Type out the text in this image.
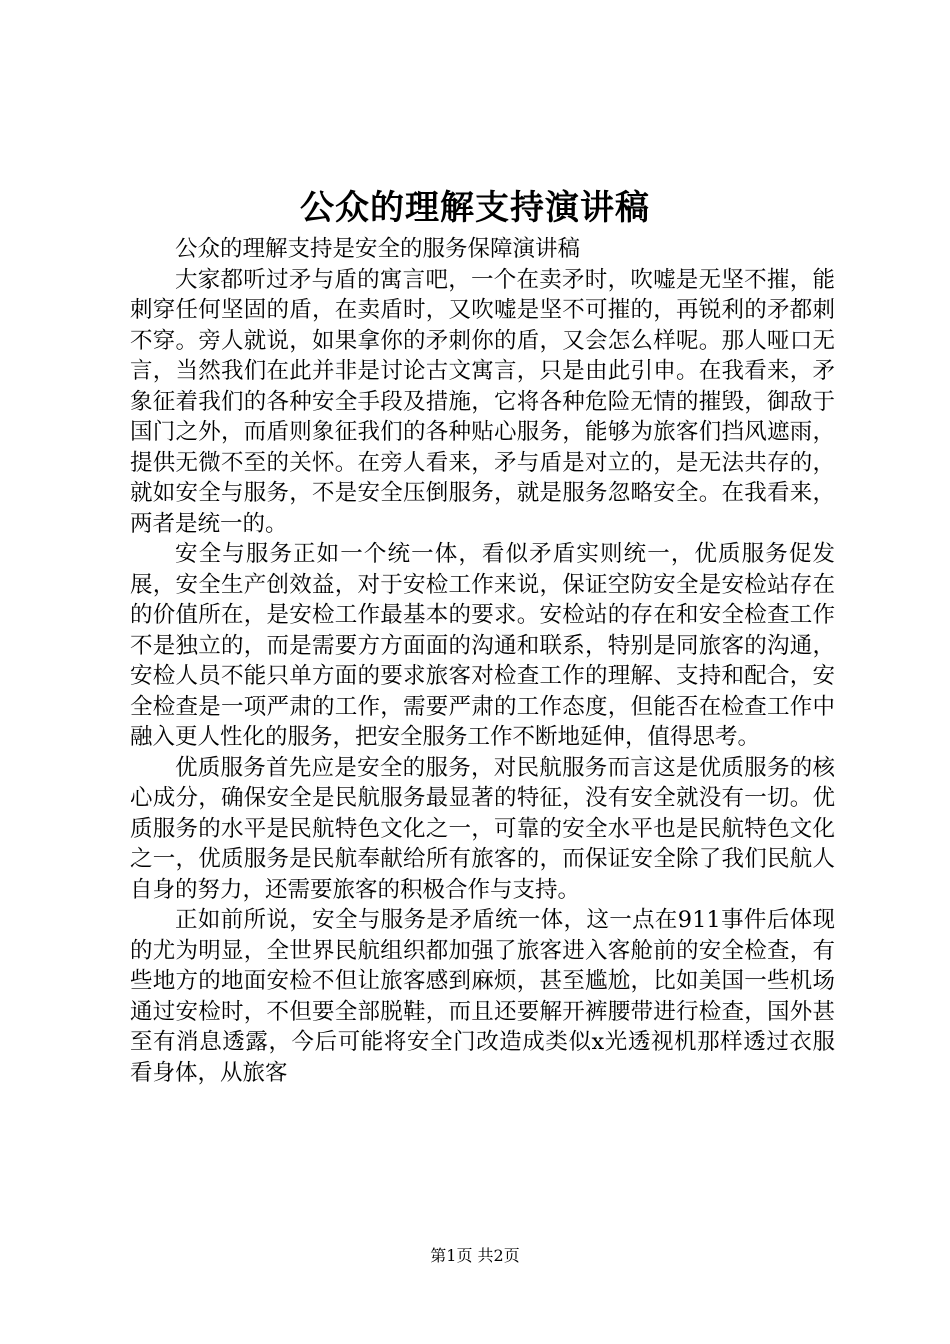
公众的理解支持演讲稿

公众的理解支持是安全的服务保障演讲稿

大家都听过矛与盾的寓言吧，一个在卖矛时，吹嘘是无坚不摧，能刺穿任何坚固的盾，在卖盾时，又吹嘘是坚不可摧的，再锐利的矛都刺不穿。旁人就说，如果拿你的矛刺你的盾，又会怎么样呢。那人哑口无言，当然我们在此并非是讨论古文寓言，只是由此引申。在我看来，矛象征着我们的各种安全手段及措施，它将各种危险无情的摧毁，御敌于国门之外，而盾则象征我们的各种贴心服务，能够为旅客们挡风遮雨，提供无微不至的关怀。在旁人看来，矛与盾是对立的，是无法共存的，就如安全与服务，不是安全压倒服务，就是服务忽略安全。在我看来，两者是统一的。

安全与服务正如一个统一体，看似矛盾实则统一，优质服务促发展，安全生产创效益，对于安检工作来说，保证空防安全是安检站存在的价值所在，是安检工作最基本的要求。安检站的存在和安全检查工作不是独立的，而是需要方方面面的沟通和联系，特别是同旅客的沟通，安检人员不能只单方面的要求旅客对检查工作的理解、支持和配合，安全检查是一项严肃的工作，需要严肃的工作态度，但能否在检查工作中融入更人性化的服务，把安全服务工作不断地延伸，值得思考。

优质服务首先应是安全的服务，对民航服务而言这是优质服务的核心成分，确保安全是民航服务最显著的特征，没有安全就没有一切。优质服务的水平是民航特色文化之一，可靠的安全水平也是民航特色文化之一，优质服务是民航奉献给所有旅客的，而保证安全除了我们民航人自身的努力，还需要旅客的积极合作与支持。

正如前所说，安全与服务是矛盾统一体，这一点在911事件后体现的尤为明显，全世界民航组织都加强了旅客进入客舱前的安全检查，有些地方的地面安检不但让旅客感到麻烦，甚至尴尬，比如美国一些机场通过安检时，不但要全部脱鞋，而且还要解开裤腰带进行检查，国外甚至有消息透露，今后可能将安全门改造成类似x光透视机那样透过衣服看身体，从旅客

第1页 共2页
